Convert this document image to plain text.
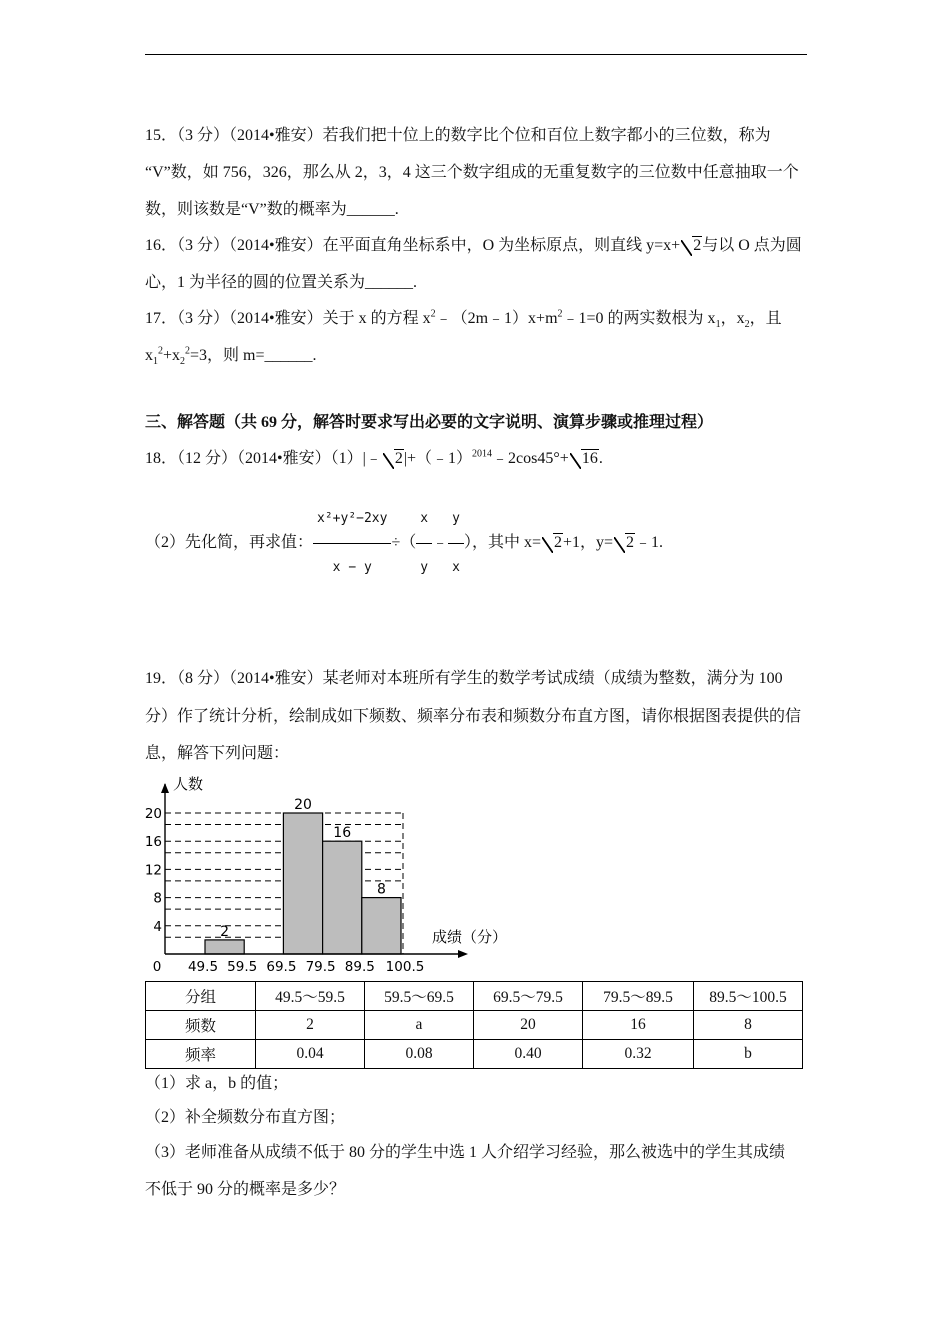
15．（3 分）（2014•雅安）若我们把十位上的数字比个位和百位上数字都小的三位数，称为
“V”数，如 756，326，那么从 2，3，4 这三个数字组成的无重复数字的三位数中任意抽取一个
数，则该数是“V”数的概率为______.
16．（3 分）（2014•雅安）在平面直角坐标系中，O 为坐标原点，则直线 y=x+ 2与以 O 点为圆
心，1 为半径的圆的位置关系为______.
17．（3 分）（2014•雅安）关于 x 的方程 $x^2﹣(2m﹣1)x+m^2﹣1=0$ 的两实数根为 $x_1$，$x_2$，且
$x_1^2+x_2^2=3$，则 m=______.
三、解答题（共 69 分，解答时要求写出必要的文字说明、演算步骤或推理过程）
18．（12 分）（2014•雅安）（1）|﹣ 2|+（﹣1）$^{2014}$﹣2cos45°+ 16.
（2）先化简，再求值： $\frac{\text{x²+y²−2xy}}{x - y}$ ÷（ $\frac{x}{y}$ ﹣ $\frac{y}{x}$ ），其中 x= 2+1，y= 2﹣1.
19．（8 分）（2014•雅安）某老师对本班所有学生的数学考试成绩（成绩为整数，满分为 100
分）作了统计分析，绘制成如下频数、频率分布表和频数分布直方图，请你根据图表提供的信
息，解答下列问题：
2
20
16
8
人数
成绩（分）
4
8
12
16
20
0 49.5 59.5 69.5 79.5 89.5 100.5
分组	49.5～59.5	59.5～69.5	69.5～79.5	79.5～89.5	89.5～100.5
频数	2	a	20	16	8
频率	0.04	0.08	0.40	0.32	b
（1）求 a，b 的值；
（2）补全频数分布直方图；
（3）老师准备从成绩不低于 80 分的学生中选 1 人介绍学习经验，那么被选中的学生其成绩
不低于 90 分的概率是多少？
